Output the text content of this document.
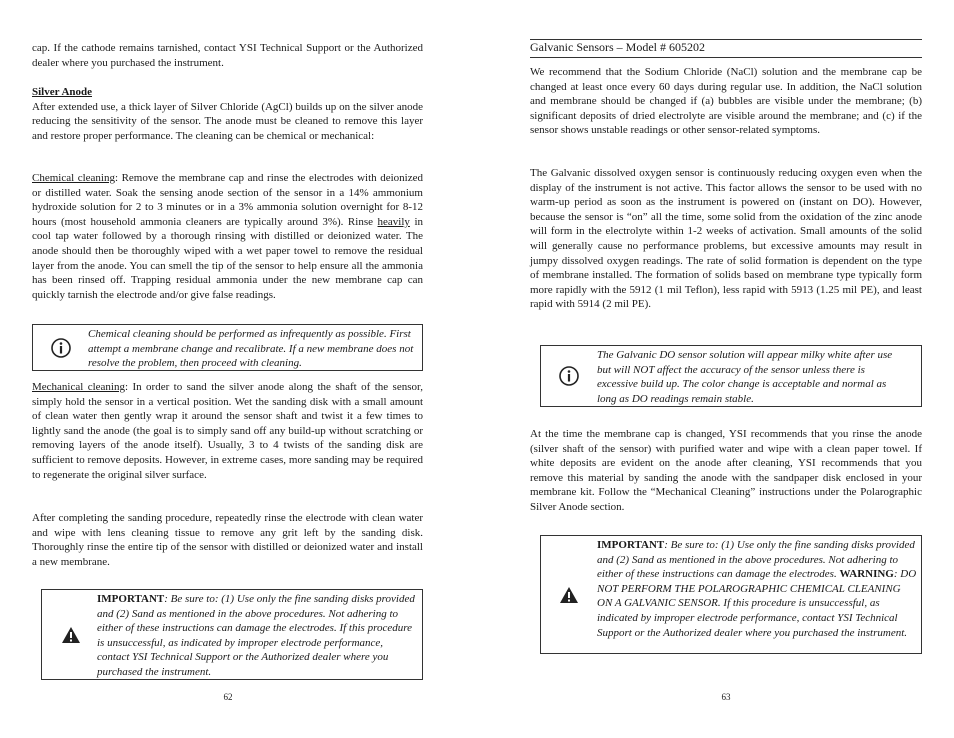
cap. If the cathode remains tarnished, contact YSI Technical Support or the Authorized dealer where you purchased the instrument.

Silver Anode
After extended use, a thick layer of Silver Chloride (AgCl) builds up on the silver anode reducing the sensitivity of the sensor. The anode must be cleaned to remove this layer and restore proper performance. The cleaning can be chemical or mechanical:

Chemical cleaning: Remove the membrane cap and rinse the electrodes with deionized or distilled water. Soak the sensing anode section of the sensor in a 14% ammonium hydroxide solution for 2 to 3 minutes or in a 3% ammonia solution overnight for 8-12 hours (most household ammonia cleaners are typically around 3%). Rinse heavily in cool tap water followed by a thorough rinsing with distilled or deionized water. The anode should then be thoroughly wiped with a wet paper towel to remove the residual layer from the anode. You can smell the tip of the sensor to help ensure all the ammonia has been rinsed off. Trapping residual ammonia under the new membrane cap can quickly tarnish the electrode and/or give false readings.

Chemical cleaning should be performed as infrequently as possible. First attempt a membrane change and recalibrate. If a new membrane does not resolve the problem, then proceed with cleaning.

Mechanical cleaning: In order to sand the silver anode along the shaft of the sensor, simply hold the sensor in a vertical position. Wet the sanding disk with a small amount of clean water then gently wrap it around the sensor shaft and twist it a few times to lightly sand the anode (the goal is to simply sand off any build-up without scratching or removing layers of the anode itself). Usually, 3 to 4 twists of the sanding disk are sufficient to remove deposits. However, in extreme cases, more sanding may be required to regenerate the original silver surface.

After completing the sanding procedure, repeatedly rinse the electrode with clean water and wipe with lens cleaning tissue to remove any grit left by the sanding disk. Thoroughly rinse the entire tip of the sensor with distilled or deionized water and install a new membrane.

IMPORTANT: Be sure to: (1) Use only the fine sanding disks provided and (2) Sand as mentioned in the above procedures. Not adhering to either of these instructions can damage the electrodes. If this procedure is unsuccessful, as indicated by improper electrode performance, contact YSI Technical Support or the Authorized dealer where you purchased the instrument.
62
Galvanic Sensors – Model # 605202

We recommend that the Sodium Chloride (NaCl) solution and the membrane cap be changed at least once every 60 days during regular use. In addition, the NaCl solution and membrane should be changed if (a) bubbles are visible under the membrane; (b) significant deposits of dried electrolyte are visible around the membrane; and (c) if the sensor shows unstable readings or other sensor-related symptoms.

The Galvanic dissolved oxygen sensor is continuously reducing oxygen even when the display of the instrument is not active. This factor allows the sensor to be used with no warm-up period as soon as the instrument is powered on (instant on DO). However, because the sensor is “on” all the time, some solid from the oxidation of the zinc anode will form in the electrolyte within 1-2 weeks of activation. Small amounts of the solid will generally cause no performance problems, but excessive amounts may result in jumpy dissolved oxygen readings. The rate of solid formation is dependent on the type of membrane installed. The formation of solids based on membrane type typically form more rapidly with the 5912 (1 mil Teflon), less rapid with 5913 (1.25 mil PE), and least rapid with 5914 (2 mil PE).

The Galvanic DO sensor solution will appear milky white after use but will NOT affect the accuracy of the sensor unless there is excessive build up. The color change is acceptable and normal as long as DO readings remain stable.

At the time the membrane cap is changed, YSI recommends that you rinse the anode (silver shaft of the sensor) with purified water and wipe with a clean paper towel. If white deposits are evident on the anode after cleaning, YSI recommends that you remove this material by sanding the anode with the sandpaper disk enclosed in your membrane kit. Follow the “Mechanical Cleaning” instructions under the Polarographic Silver Anode section.

IMPORTANT: Be sure to: (1) Use only the fine sanding disks provided and (2) Sand as mentioned in the above procedures. Not adhering to either of these instructions can damage the electrodes. WARNING: DO NOT PERFORM THE POLAROGRAPHIC CHEMICAL CLEANING ON A GALVANIC SENSOR. If this procedure is unsuccessful, as indicated by improper electrode performance, contact YSI Technical Support or the Authorized dealer where you purchased the instrument.
63
